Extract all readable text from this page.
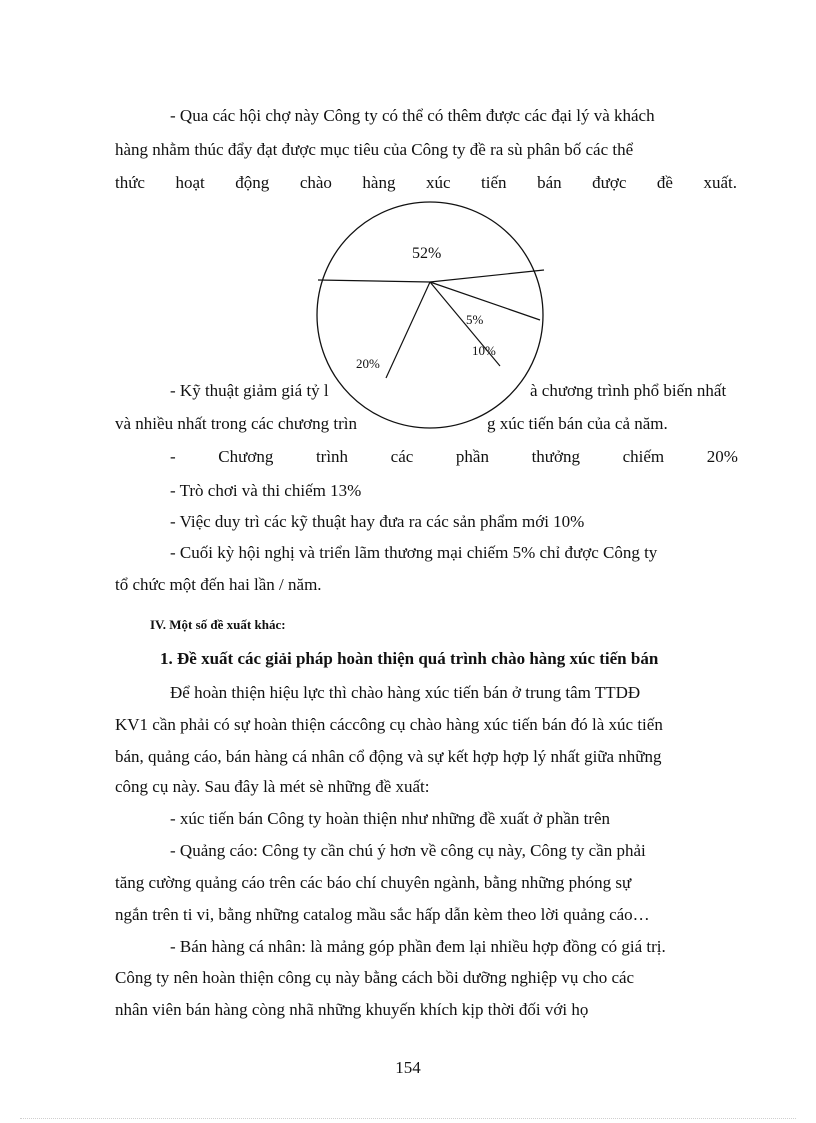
- Qua các hội chợ này Công ty có thể có thêm được các đại lý và khách
hàng nhằm thúc đẩy đạt được mục tiêu của Công ty đề ra sù phân bố các thể
thức hoạt động chào hàng xúc tiến bán được đề xuất.
- Kỹ thuật giảm giá tỷ l	à chương trình phổ biến nhất
và nhiều nhất trong các chương trìn	g xúc tiến bán của cả năm.
52%
5%
10%
20%
-	Chương	trình	các	phần	thưởng	chiếm	20%
- Trò chơi và thi chiếm 13%
- Việc duy trì các kỹ thuật hay đưa ra các sản phẩm mới 10%
- Cuối kỳ hội nghị và triển lãm thương mại chiếm 5% chỉ được Công ty
tổ chức một đến hai lần / năm.
IV. Một số đề xuất khác:
1. Đề xuất các giải pháp hoàn thiện quá trình chào hàng xúc tiến bán
Để hoàn thiện hiệu lực thì chào hàng xúc tiến bán ở trung tâm TTDĐ
KV1 cần phải có sự hoàn thiện cáccông cụ chào hàng xúc tiến bán đó là xúc tiến
bán, quảng cáo, bán hàng cá nhân cổ động và sự kết hợp hợp lý nhất giữa những
công cụ này. Sau đây là mét sè những đề xuất:
- xúc tiến bán Công ty hoàn thiện như những đề xuất ở phần trên
- Quảng cáo: Công ty cần chú ý hơn về công cụ này, Công ty cần phải
tăng cường quảng cáo trên các báo chí chuyên ngành, bằng những phóng sự
ngắn trên ti vi, bằng những catalog mầu sắc hấp dẫn kèm theo lời quảng cáo…
- Bán hàng cá nhân: là mảng góp phần đem lại nhiều hợp đồng có giá trị.
Công ty nên hoàn thiện công cụ này bằng cách bồi dưỡng nghiệp vụ cho các
nhân viên bán hàng còng nhã những khuyến khích kịp thời đối với họ
154
